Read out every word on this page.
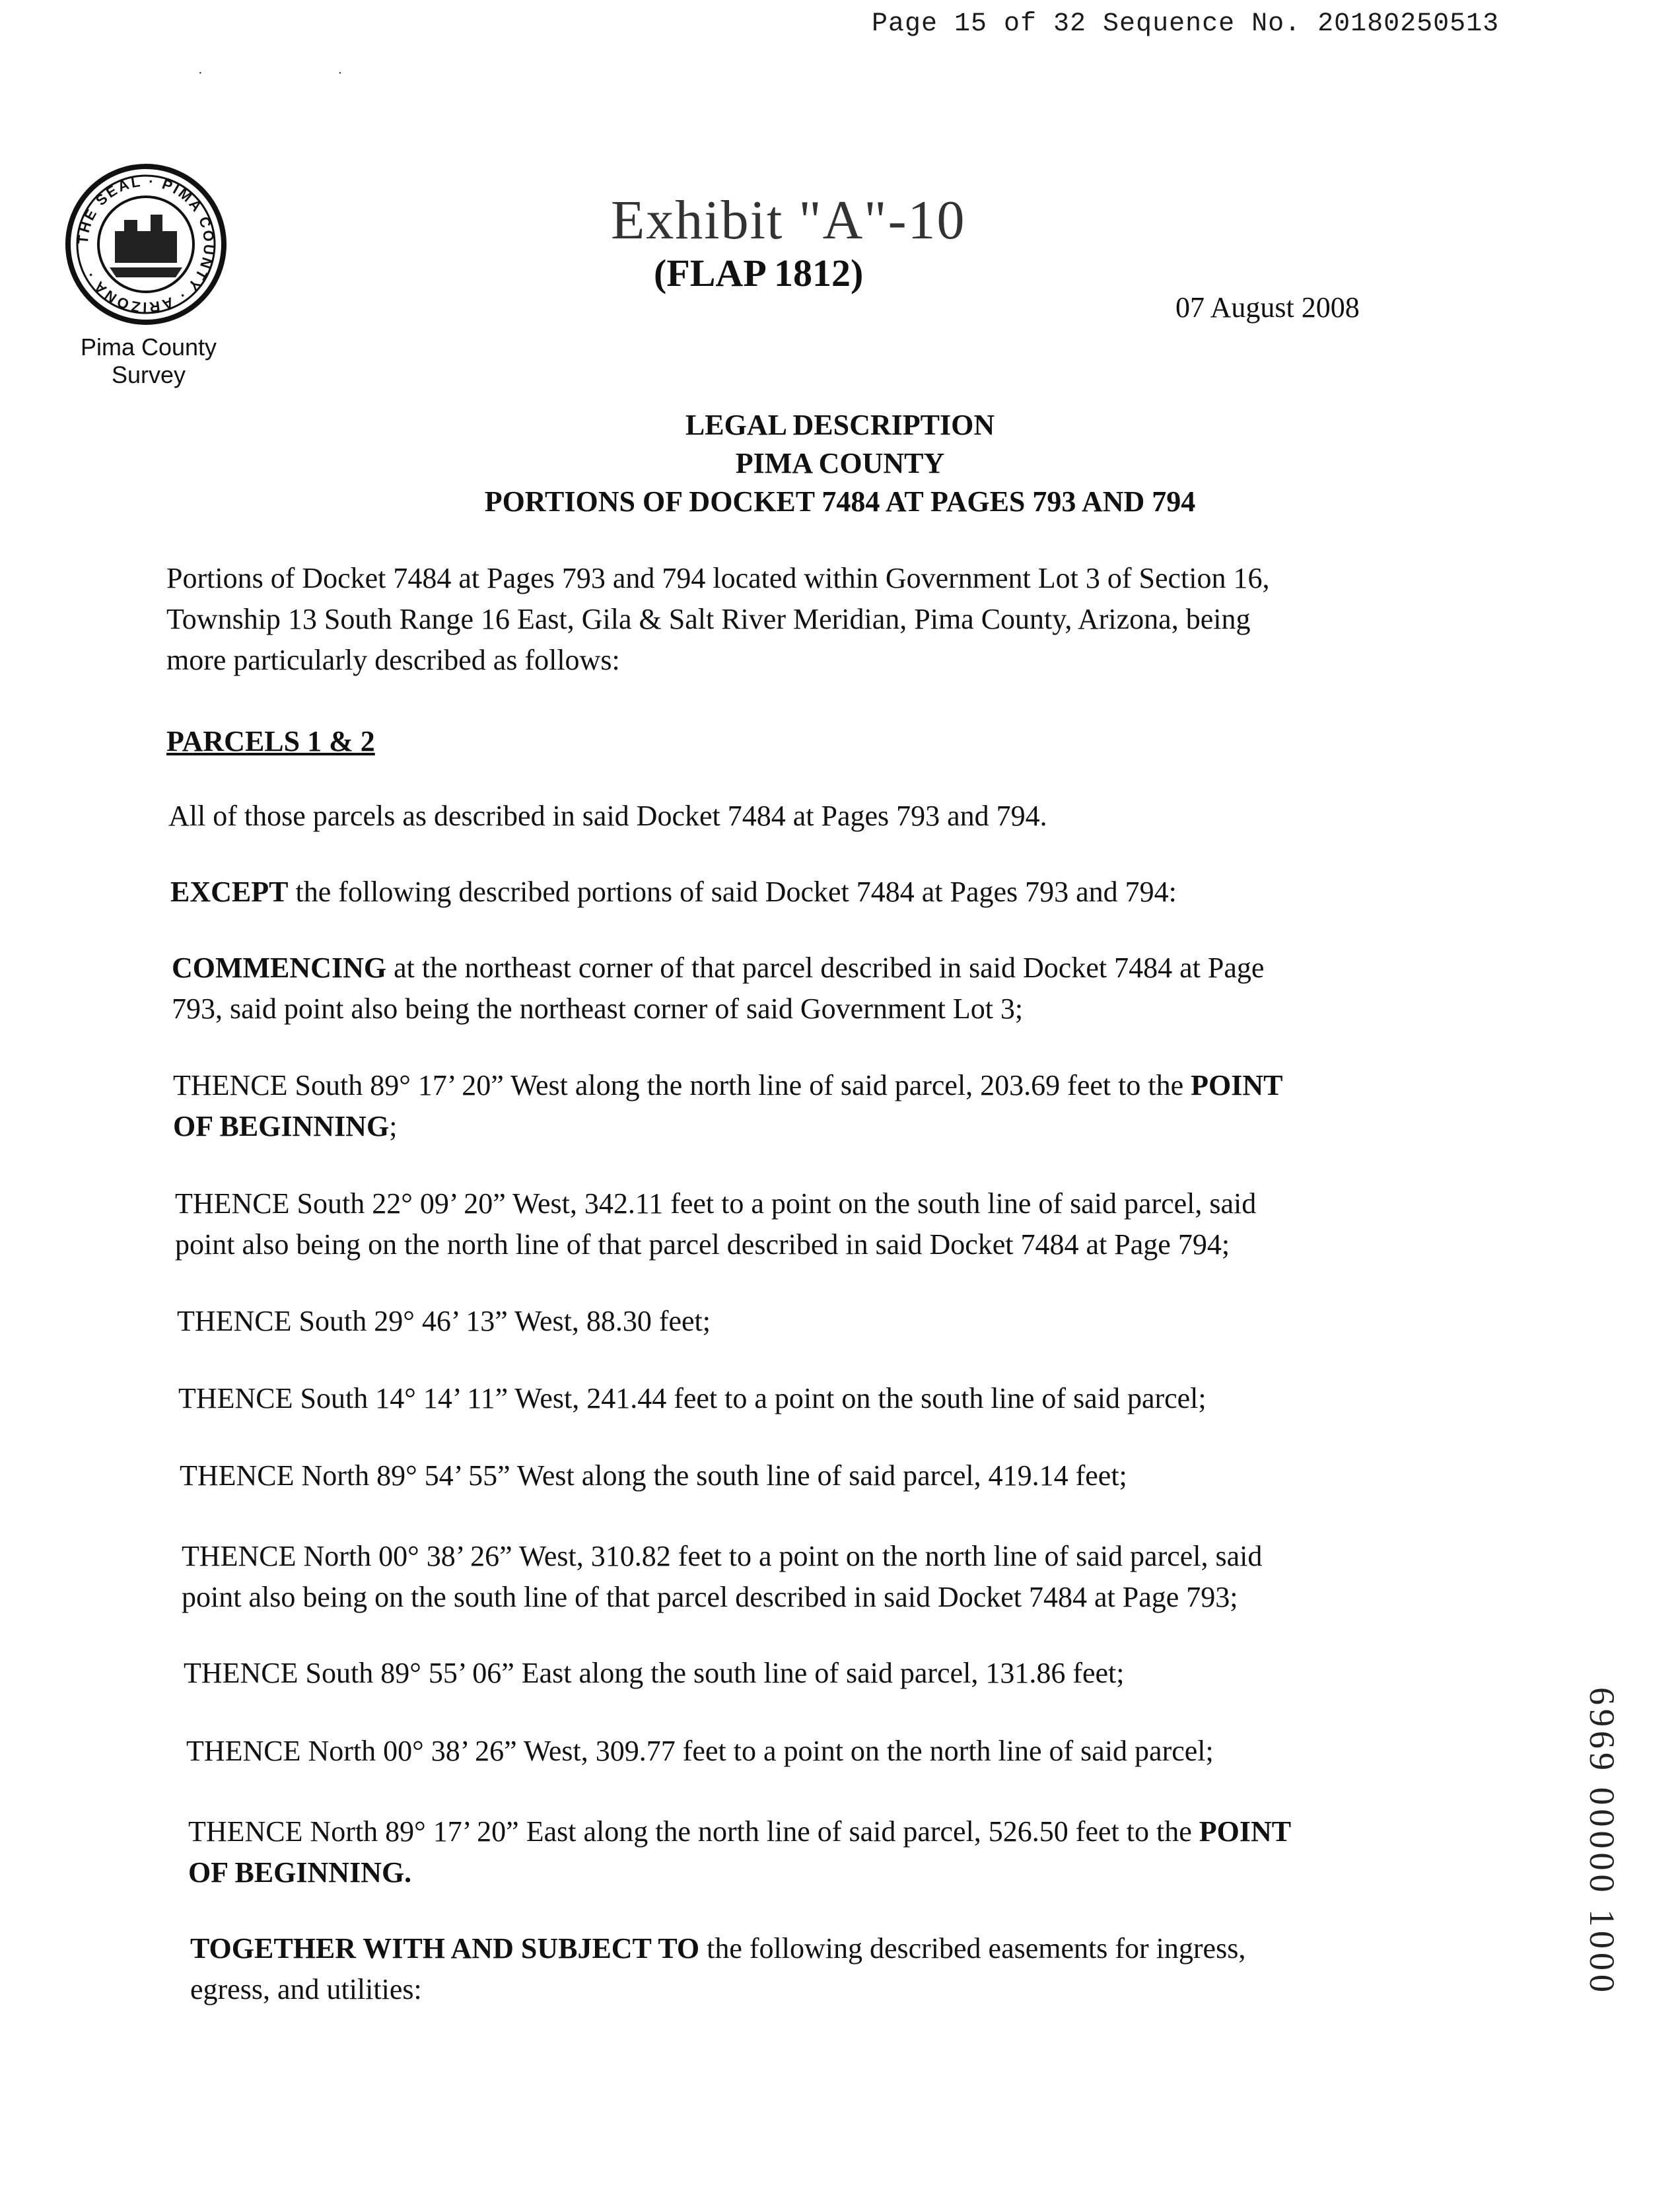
Page 15 of 32 Sequence No. 20180250513
· ·
THE SEAL · PIMA COUNTY · ARIZONA ·
Pima County
Survey
Exhibit "A"-10
(FLAP 1812)
07 August 2008
LEGAL DESCRIPTION
PIMA COUNTY
PORTIONS OF DOCKET 7484 AT PAGES 793 AND 794
Portions of Docket 7484 at Pages 793 and 794 located within Government Lot 3 of Section 16,
Township 13 South Range 16 East, Gila & Salt River Meridian, Pima County, Arizona, being
more particularly described as follows:
PARCELS 1 & 2
All of those parcels as described in said Docket 7484 at Pages 793 and 794.
EXCEPT the following described portions of said Docket 7484 at Pages 793 and 794:
COMMENCING at the northeast corner of that parcel described in said Docket 7484 at Page
793, said point also being the northeast corner of said Government Lot 3;
THENCE South 89° 17’ 20” West along the north line of said parcel, 203.69 feet to the POINT
OF BEGINNING;
THENCE South 22° 09’ 20” West, 342.11 feet to a point on the south line of said parcel, said
point also being on the north line of that parcel described in said Docket 7484 at Page 794;
THENCE South 29° 46’ 13” West, 88.30 feet;
THENCE South 14° 14’ 11” West, 241.44 feet to a point on the south line of said parcel;
THENCE North 89° 54’ 55” West along the south line of said parcel, 419.14 feet;
THENCE North 00° 38’ 26” West, 310.82 feet to a point on the north line of said parcel, said
point also being on the south line of that parcel described in said Docket 7484 at Page 793;
THENCE South 89° 55’ 06” East along the south line of said parcel, 131.86 feet;
THENCE North 00° 38’ 26” West, 309.77 feet to a point on the north line of said parcel;
THENCE North 89° 17’ 20” East along the north line of said parcel, 526.50 feet to the POINT
OF BEGINNING.
TOGETHER WITH AND SUBJECT TO the following described easements for ingress,
egress, and utilities:	6969 00000 1000
